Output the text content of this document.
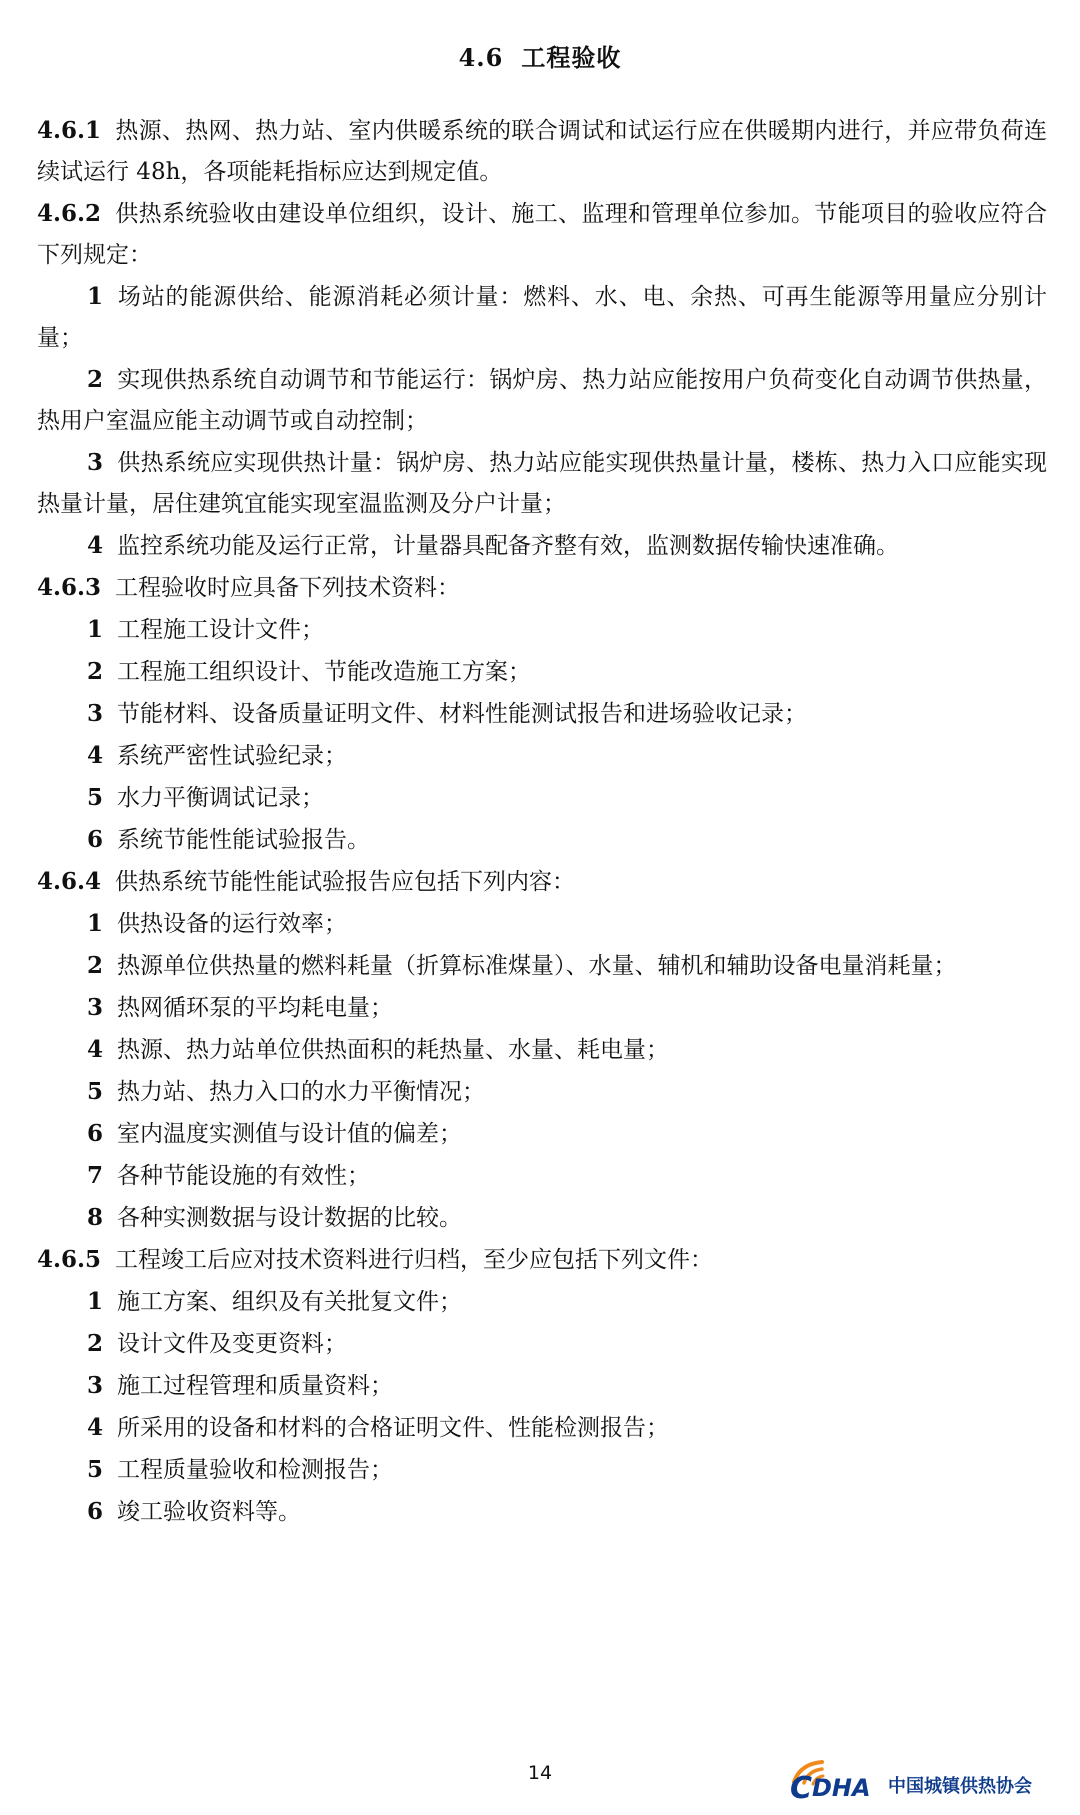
4.6 工程验收

4.6.1 热源、热网、热力站、室内供暖系统的联合调试和试运行应在供暖期内进行，并应带负荷连续试运行 48h，各项能耗指标应达到规定值。

4.6.2 供热系统验收由建设单位组织，设计、施工、监理和管理单位参加。节能项目的验收应符合下列规定：

1 场站的能源供给、能源消耗必须计量：燃料、水、电、余热、可再生能源等用量应分别计量；

2 实现供热系统自动调节和节能运行：锅炉房、热力站应能按用户负荷变化自动调节供热量，热用户室温应能主动调节或自动控制；

3 供热系统应实现供热计量：锅炉房、热力站应能实现供热量计量，楼栋、热力入口应能实现热量计量，居住建筑宜能实现室温监测及分户计量；

4 监控系统功能及运行正常，计量器具配备齐整有效，监测数据传输快速准确。

4.6.3 工程验收时应具备下列技术资料：

1 工程施工设计文件；

2 工程施工组织设计、节能改造施工方案；

3 节能材料、设备质量证明文件、材料性能测试报告和进场验收记录；

4 系统严密性试验纪录；

5 水力平衡调试记录；

6 系统节能性能试验报告。

4.6.4 供热系统节能性能试验报告应包括下列内容：

1 供热设备的运行效率；

2 热源单位供热量的燃料耗量（折算标准煤量）、水量、辅机和辅助设备电量消耗量；

3 热网循环泵的平均耗电量；

4 热源、热力站单位供热面积的耗热量、水量、耗电量；

5 热力站、热力入口的水力平衡情况；

6 室内温度实测值与设计值的偏差；

7 各种节能设施的有效性；

8 各种实测数据与设计数据的比较。

4.6.5 工程竣工后应对技术资料进行归档，至少应包括下列文件：

1 施工方案、组织及有关批复文件；

2 设计文件及变更资料；

3 施工过程管理和质量资料；

4 所采用的设备和材料的合格证明文件、性能检测报告；

5 工程质量验收和检测报告；

6 竣工验收资料等。

14	C DHA 中国城镇供热协会
